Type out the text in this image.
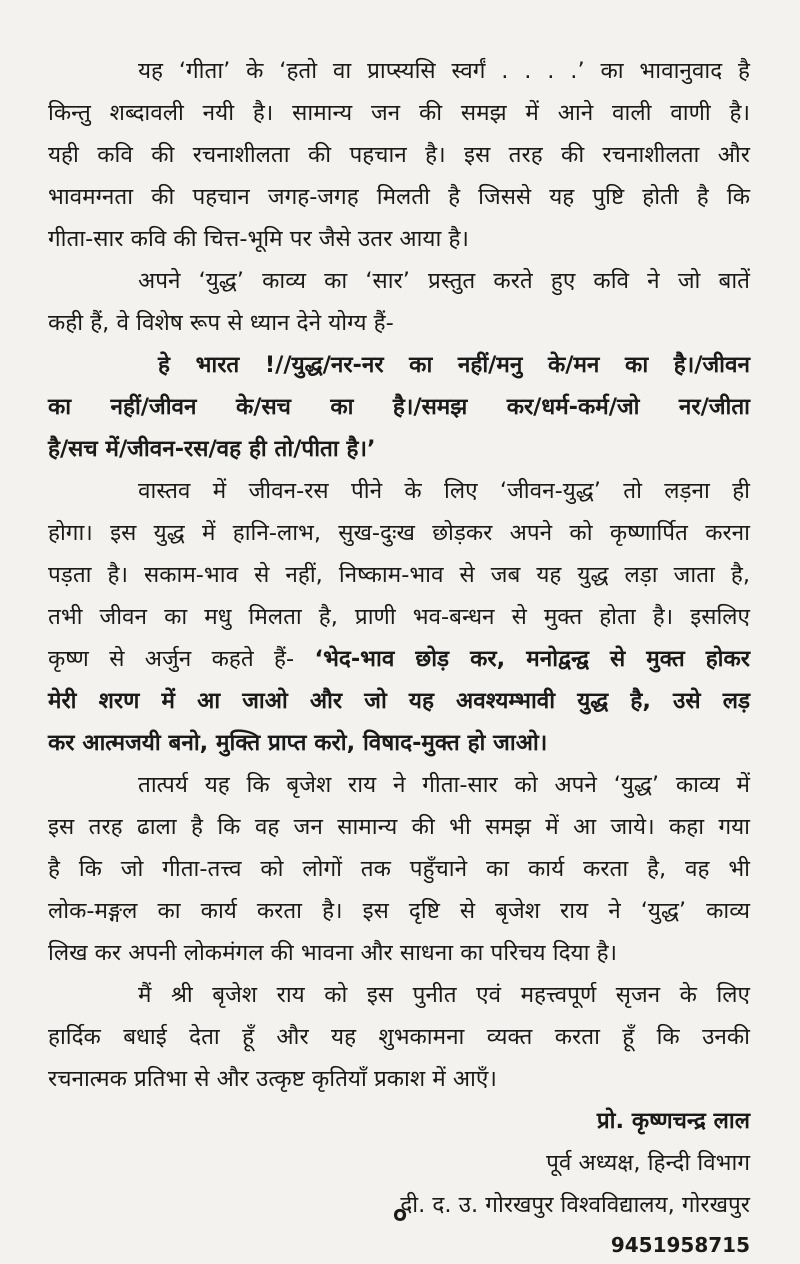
यह ‘गीता’ के ‘हतो वा प्राप्स्यसि स्वर्गं . . . .’ का भावानुवाद है
किन्तु शब्दावली नयी है। सामान्य जन की समझ में आने वाली वाणी है।
यही कवि की रचनाशीलता की पहचान है। इस तरह की रचनाशीलता और
भावमग्नता की पहचान जगह-जगह मिलती है जिससे यह पुष्टि होती है कि
गीता-सार कवि की चित्त-भूमि पर जैसे उतर आया है।
अपने ‘युद्ध’ काव्य का ‘सार’ प्रस्तुत करते हुए कवि ने जो बातें
कही हैं, वे विशेष रूप से ध्यान देने योग्य हैं-
हे भारत !//युद्ध/नर-नर का नहीं/मनु के/मन का है।/जीवन
का नहीं/जीवन के/सच का है।/समझ कर/धर्म-कर्म/जो नर/जीता
है/सच में/जीवन-रस/वह ही तो/पीता है।’
वास्तव में जीवन-रस पीने के लिए ‘जीवन-युद्ध’ तो लड़ना ही
होगा। इस युद्ध में हानि-लाभ, सुख-दुःख छोड़कर अपने को कृष्णार्पित करना
पड़ता है। सकाम-भाव से नहीं, निष्काम-भाव से जब यह युद्ध लड़ा जाता है,
तभी जीवन का मधु मिलता है, प्राणी भव-बन्धन से मुक्त होता है। इसलिए
कृष्ण से अर्जुन कहते हैं- ‘भेद-भाव छोड़ कर, मनोद्वन्द्व से मुक्त होकर
मेरी शरण में आ जाओ और जो यह अवश्यम्भावी युद्ध है, उसे लड़
कर आत्मजयी बनो, मुक्ति प्राप्त करो, विषाद-मुक्त हो जाओ।
तात्पर्य यह कि बृजेश राय ने गीता-सार को अपने ‘युद्ध’ काव्य में
इस तरह ढाला है कि वह जन सामान्य की भी समझ में आ जाये। कहा गया
है कि जो गीता-तत्त्व को लोगों तक पहुँचाने का कार्य करता है, वह भी
लोक-मङ्गल का कार्य करता है। इस दृष्टि से बृजेश राय ने ‘युद्ध’ काव्य
लिख कर अपनी लोकमंगल की भावना और साधना का परिचय दिया है।
मैं श्री बृजेश राय को इस पुनीत एवं महत्त्वपूर्ण सृजन के लिए
हार्दिक बधाई देता हूँ और यह शुभकामना व्यक्त करता हूँ कि उनकी
रचनात्मक प्रतिभा से और उत्कृष्ट कृतियाँ प्रकाश में आएँ।
प्रो. कृष्णचन्द्र लाल
पूर्व अध्यक्ष, हिन्दी विभाग
दी. द. उ. गोरखपुर विश्वविद्यालय, गोरखपुर
9451958715
०
